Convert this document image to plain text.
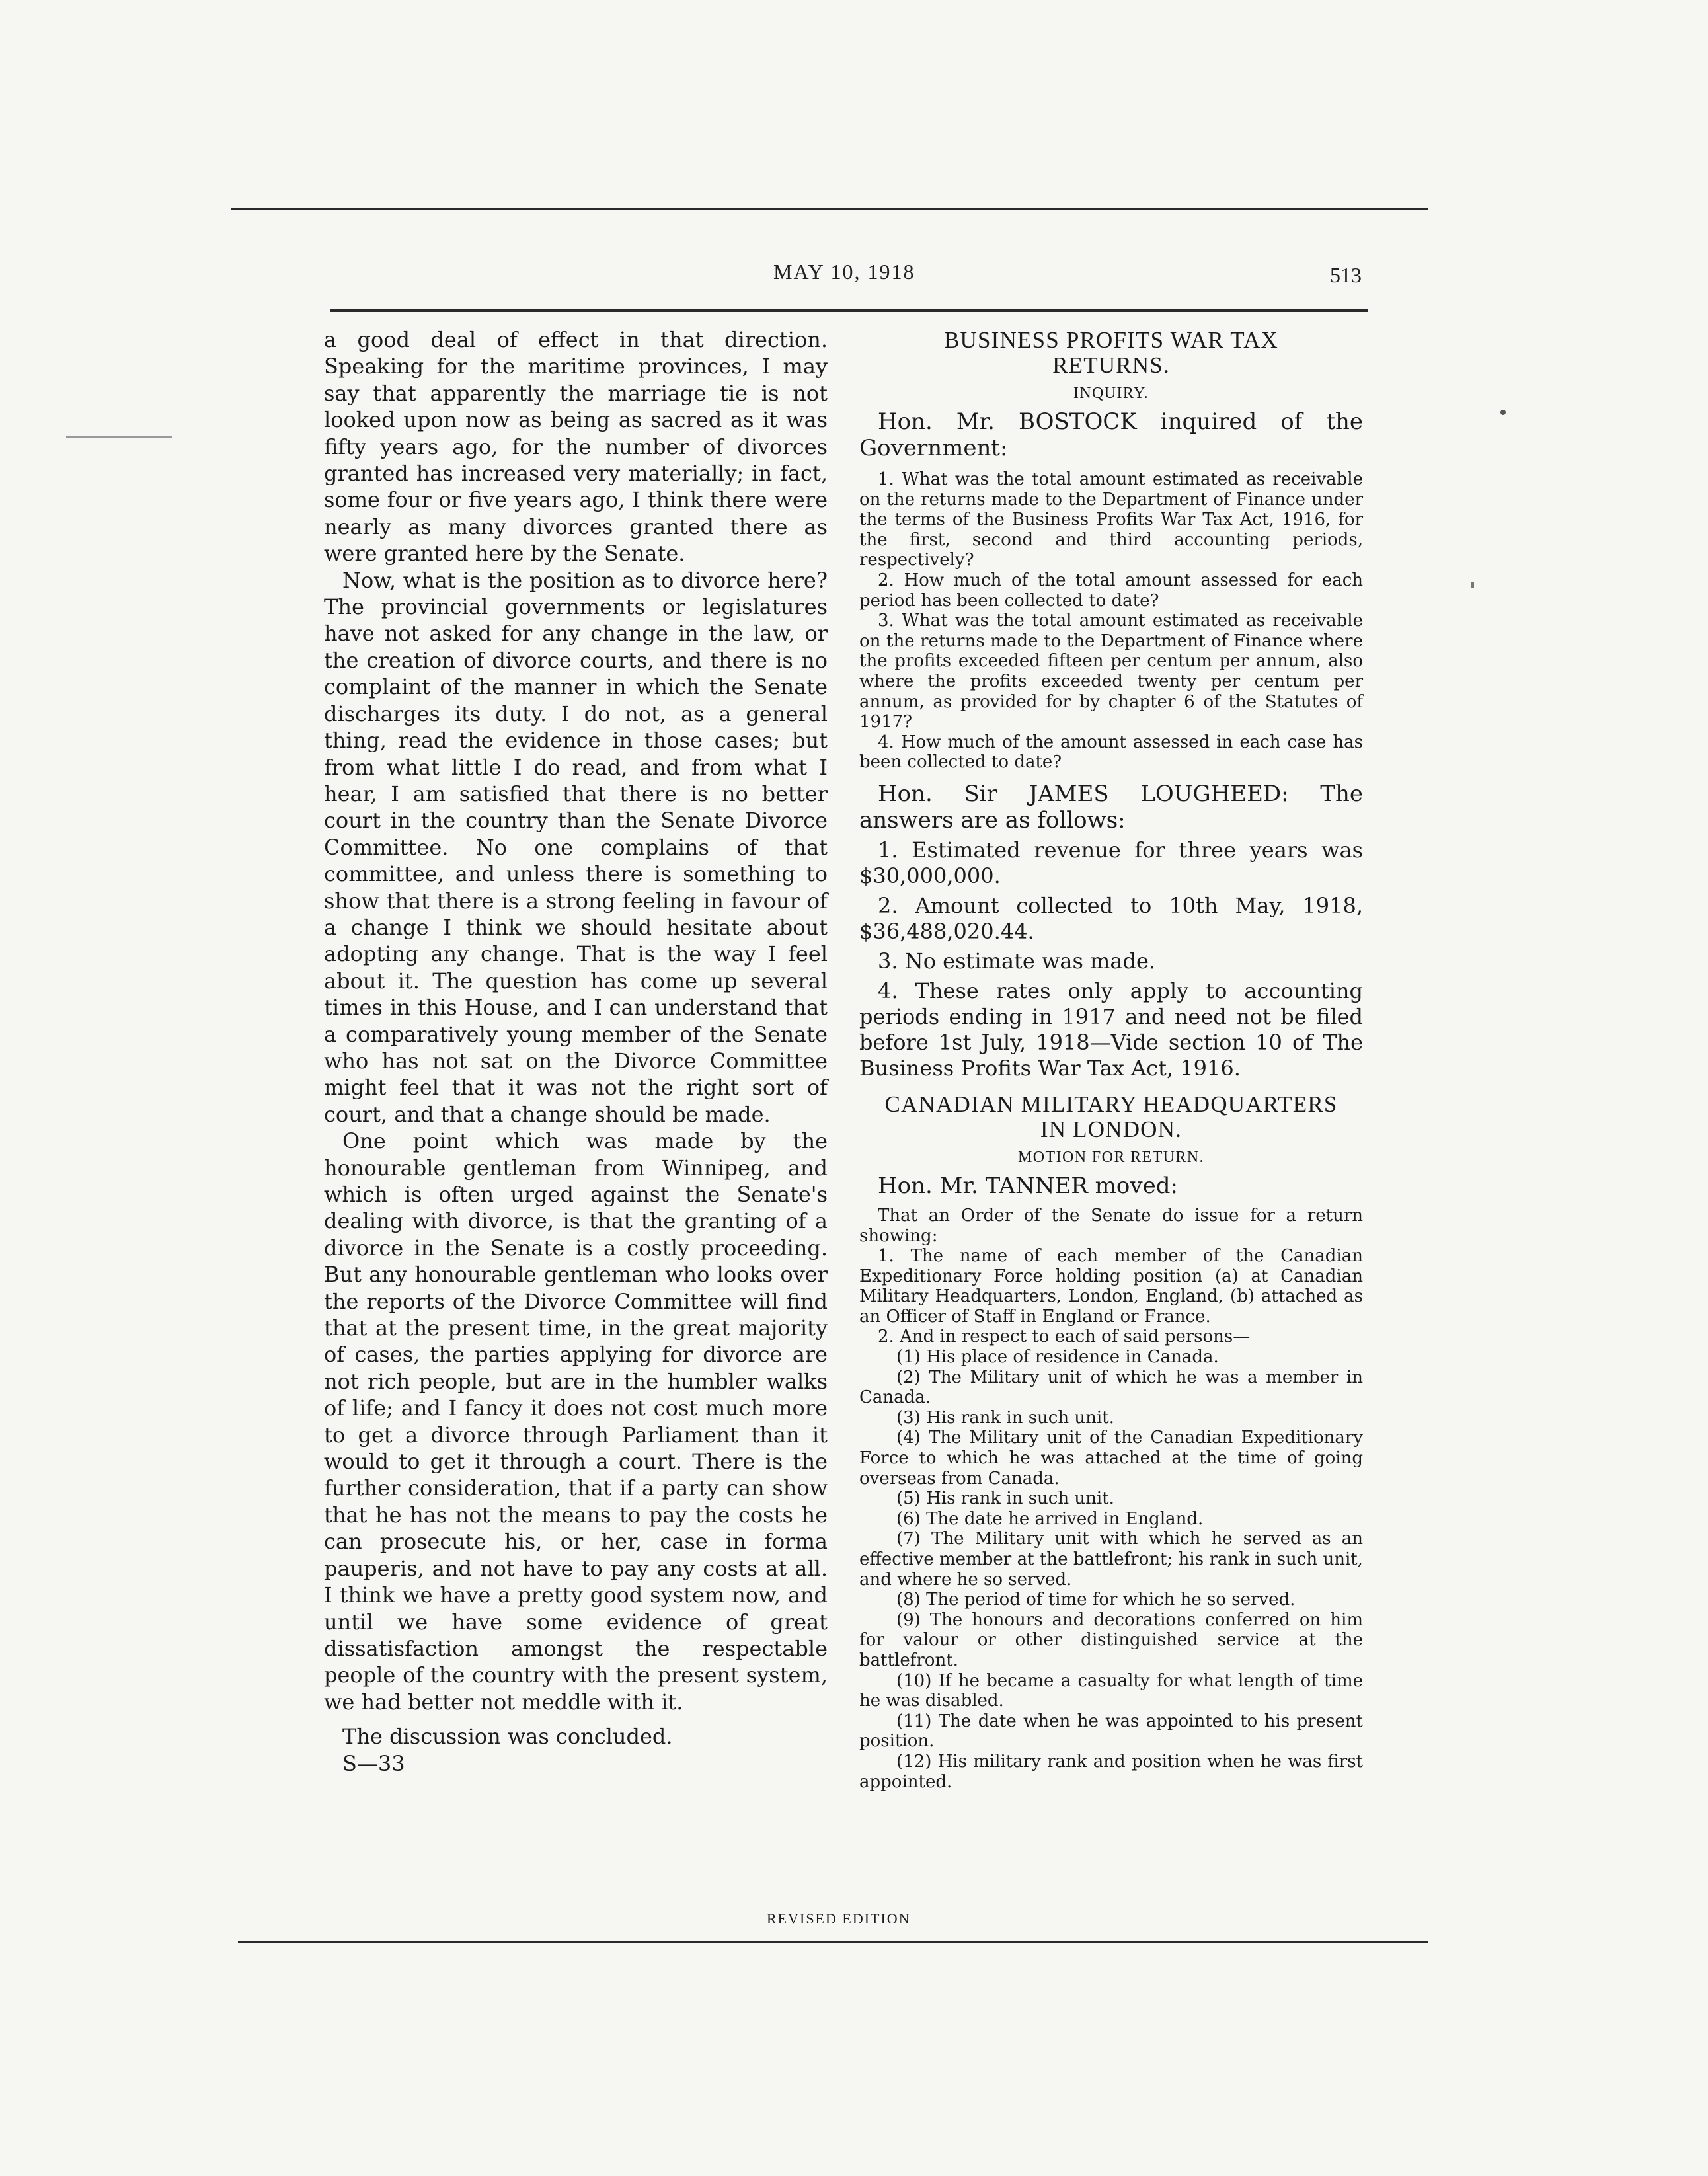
MAY 10, 1918	513

a good deal of effect in that direction. Speaking for the maritime provinces, I may say that apparently the marriage tie is not looked upon now as being as sacred as it was fifty years ago, for the number of divorces granted has increased very materially; in fact, some four or five years ago, I think there were nearly as many divorces granted there as were granted here by the Senate.

Now, what is the position as to divorce here? The provincial governments or legislatures have not asked for any change in the law, or the creation of divorce courts, and there is no complaint of the manner in which the Senate discharges its duty. I do not, as a general thing, read the evidence in those cases; but from what little I do read, and from what I hear, I am satisfied that there is no better court in the country than the Senate Divorce Committee. No one complains of that committee, and unless there is something to show that there is a strong feeling in favour of a change I think we should hesitate about adopting any change. That is the way I feel about it. The question has come up several times in this House, and I can understand that a comparatively young member of the Senate who has not sat on the Divorce Committee might feel that it was not the right sort of court, and that a change should be made.

One point which was made by the honourable gentleman from Winnipeg, and which is often urged against the Senate's dealing with divorce, is that the granting of a divorce in the Senate is a costly proceeding. But any honourable gentleman who looks over the reports of the Divorce Committee will find that at the present time, in the great majority of cases, the parties applying for divorce are not rich people, but are in the humbler walks of life; and I fancy it does not cost much more to get a divorce through Parliament than it would to get it through a court. There is the further consideration, that if a party can show that he has not the means to pay the costs he can prosecute his, or her, case in forma pauperis, and not have to pay any costs at all. I think we have a pretty good system now, and until we have some evidence of great dissatisfaction amongst the respectable people of the country with the present system, we had better not meddle with it.

The discussion was concluded.

S—33

BUSINESS PROFITS WAR TAX

RETURNS.

INQUIRY.

Hon. Mr. BOSTOCK inquired of the Government:

1. What was the total amount estimated as receivable on the returns made to the Department of Finance under the terms of the Business Profits War Tax Act, 1916, for the first, second and third accounting periods, respectively?

2. How much of the total amount assessed for each period has been collected to date?

3. What was the total amount estimated as receivable on the returns made to the Department of Finance where the profits exceeded fifteen per centum per annum, also where the profits exceeded twenty per centum per annum, as provided for by chapter 6 of the Statutes of 1917?

4. How much of the amount assessed in each case has been collected to date?

Hon. Sir JAMES LOUGHEED: The answers are as follows:

1. Estimated revenue for three years was $30,000,000.

2. Amount collected to 10th May, 1918, $36,488,020.44.

3. No estimate was made.

4. These rates only apply to accounting periods ending in 1917 and need not be filed before 1st July, 1918—Vide section 10 of The Business Profits War Tax Act, 1916.

CANADIAN MILITARY HEADQUARTERS

IN LONDON.

MOTION FOR RETURN.

Hon. Mr. TANNER moved:

That an Order of the Senate do issue for a return showing:

1. The name of each member of the Canadian Expeditionary Force holding position (a) at Canadian Military Headquarters, London, England, (b) attached as an Officer of Staff in England or France.

2. And in respect to each of said persons—

(1) His place of residence in Canada.

(2) The Military unit of which he was a member in Canada.

(3) His rank in such unit.

(4) The Military unit of the Canadian Expeditionary Force to which he was attached at the time of going overseas from Canada.

(5) His rank in such unit.

(6) The date he arrived in England.

(7) The Military unit with which he served as an effective member at the battlefront; his rank in such unit, and where he so served.

(8) The period of time for which he so served.

(9) The honours and decorations conferred on him for valour or other distinguished service at the battlefront.

(10) If he became a casualty for what length of time he was disabled.

(11) The date when he was appointed to his present position.

(12) His military rank and position when he was first appointed.

REVISED EDITION
